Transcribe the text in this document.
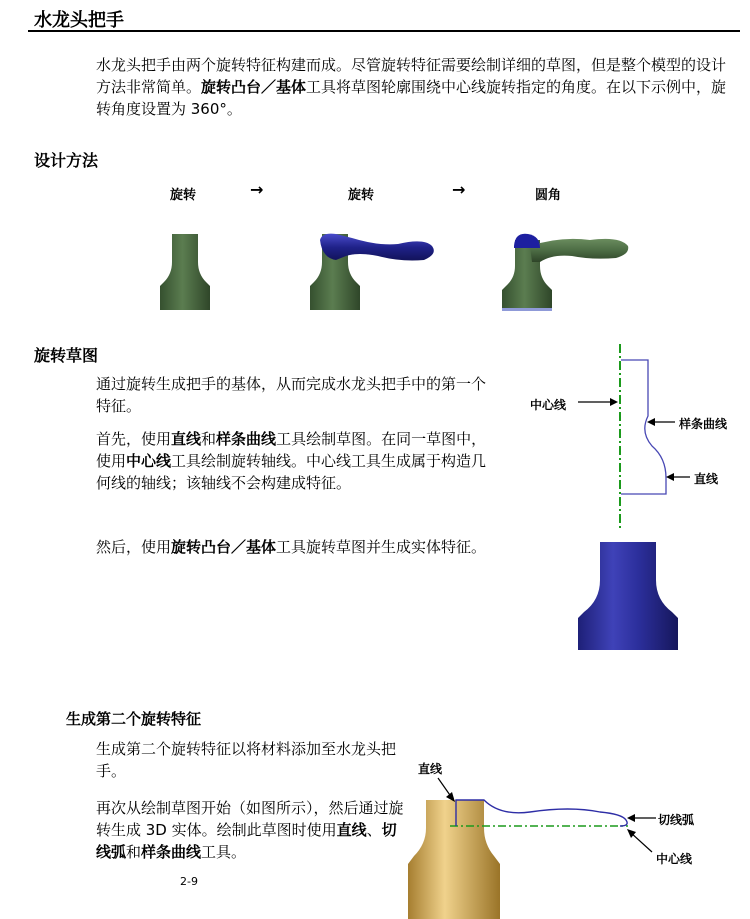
水龙头把手
水龙头把手由两个旋转特征构建而成。尽管旋转特征需要绘制详细的草图，但是整个模型的设计方法非常简单。旋转凸台／基体工具将草图轮廓围绕中心线旋转指定的角度。在以下示例中，旋转角度设置为 360°。
设计方法
旋转	→	旋转	→	圆角
旋转草图
通过旋转生成把手的基体，从而完成水龙头把手中的第一个特征。
首先，使用直线和样条曲线工具绘制草图。在同一草图中，使用中心线工具绘制旋转轴线。中心线工具生成属于构造几何线的轴线；该轴线不会构建成特征。
然后，使用旋转凸台／基体工具旋转草图并生成实体特征。
中心线
样条曲线
直线
生成第二个旋转特征
生成第二个旋转特征以将材料添加至水龙头把手。
再次从绘制草图开始（如图所示），然后通过旋转生成 3D 实体。绘制此草图时使用直线、切线弧和样条曲线工具。
2-9
直线
切线弧
中心线
